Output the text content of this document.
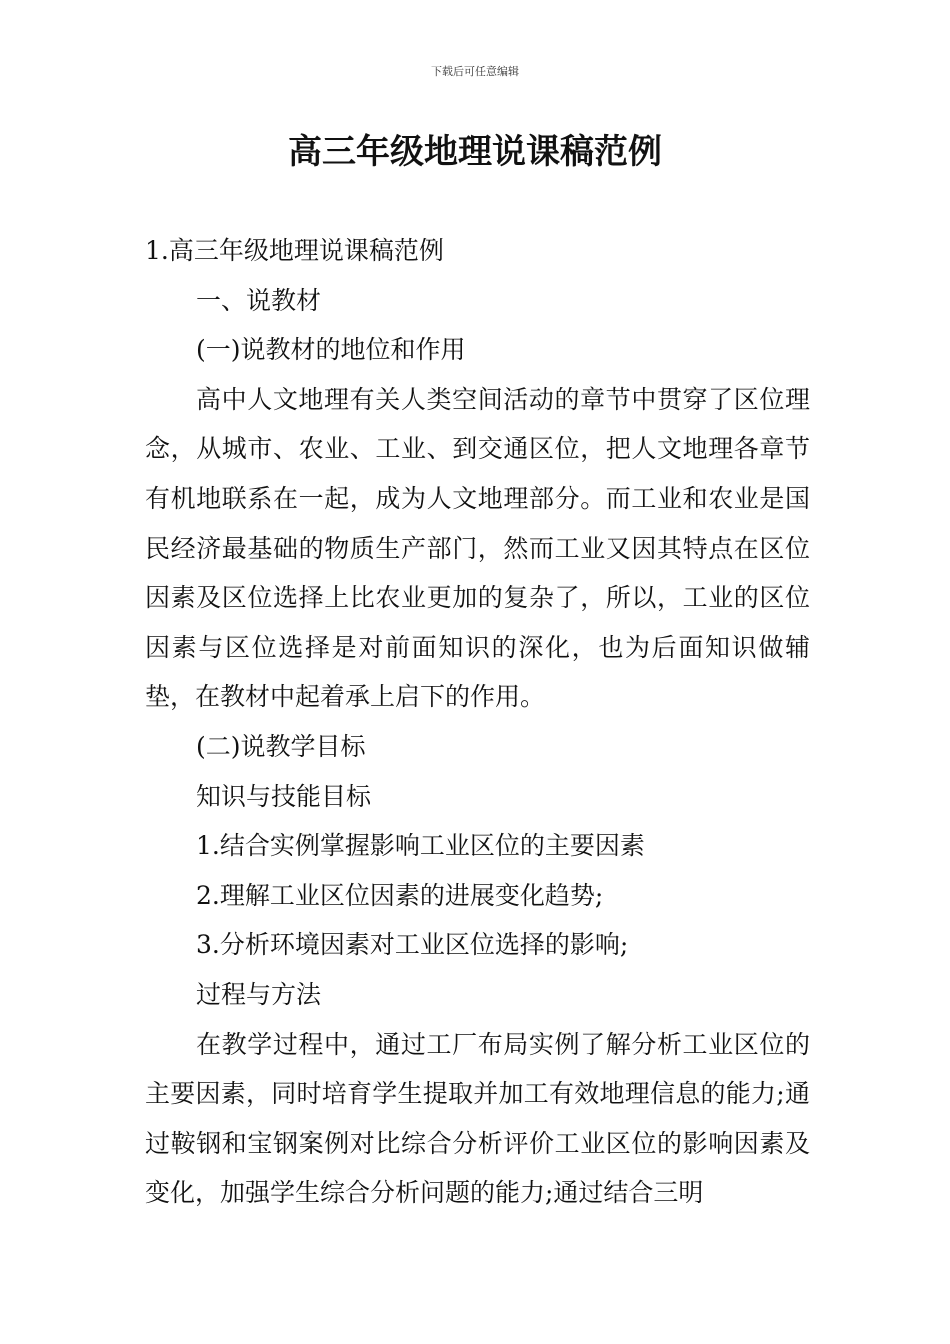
下载后可任意编辑
高三年级地理说课稿范例

1.高三年级地理说课稿范例

一、说教材

(一)说教材的地位和作用

高中人文地理有关人类空间活动的章节中贯穿了区位理念，从城市、农业、工业、到交通区位，把人文地理各章节有机地联系在一起，成为人文地理部分。而工业和农业是国民经济最基础的物质生产部门，然而工业又因其特点在区位因素及区位选择上比农业更加的复杂了，所以，工业的区位因素与区位选择是对前面知识的深化，也为后面知识做辅垫，在教材中起着承上启下的作用。

(二)说教学目标

知识与技能目标

1.结合实例掌握影响工业区位的主要因素

2.理解工业区位因素的进展变化趋势;

3.分析环境因素对工业区位选择的影响;

过程与方法

在教学过程中，通过工厂布局实例了解分析工业区位的主要因素，同时培育学生提取并加工有效地理信息的能力;通过鞍钢和宝钢案例对比综合分析评价工业区位的影响因素及变化，加强学生综合分析问题的能力;通过结合三明
